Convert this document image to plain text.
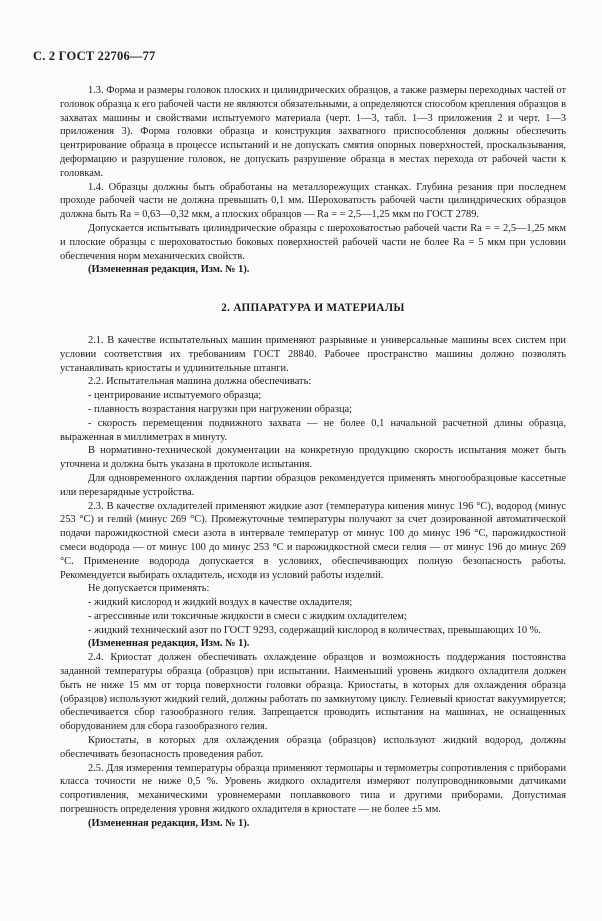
С. 2 ГОСТ 22706—77

1.3. Форма и размеры головок плоских и цилиндрических образцов, а также размеры переходных частей от головок образца к его рабочей части не являются обязательными, а определяются способом крепления образцов в захватах машины и свойствами испытуемого материала (черт. 1—3, табл. 1—3 приложения 2 и черт. 1—3 приложения 3). Форма головки образца и конструкция захватного приспособления должны обеспечить центрирование образца в процессе испытаний и не допускать смятия опорных поверхностей, проскальзывания, деформацию и разрушение головок, не допускать разрушение образца в местах перехода от рабочей части к головкам.

1.4. Образцы должны быть обработаны на металлорежущих станках. Глубина резания при последнем проходе рабочей части не должна превышать 0,1 мм. Шероховатость рабочей части цилиндрических образцов должна быть Ra = 0,63—0,32 мкм, а плоских образцов — Ra = = 2,5—1,25 мкм по ГОСТ 2789.

Допускается испытывать цилиндрические образцы с шероховатостью рабочей части Ra = = 2,5—1,25 мкм и плоские образцы с шероховатостью боковых поверхностей рабочей части не более Ra = 5 мкм при условии обеспечения норм механических свойств.

(Измененная редакция, Изм. № 1).

2. АППАРАТУРА И МАТЕРИАЛЫ

2.1. В качестве испытательных машин применяют разрывные и универсальные машины всех систем при условии соответствия их требованиям ГОСТ 28840. Рабочее пространство машины должно позволять устанавливать криостаты и удлинительные штанги.

2.2. Испытательная машина должна обеспечивать:

- центрирование испытуемого образца;

- плавность возрастания нагрузки при нагружении образца;

- скорость перемещения подвижного захвата — не более 0,1 начальной расчетной длины образца, выраженная в миллиметрах в минуту.

В нормативно-технической документации на конкретную продукцию скорость испытания может быть уточнена и должна быть указана в протоколе испытания.

Для одновременного охлаждения партии образцов рекомендуется применять многообразцовые кассетные или перезарядные устройства.

2.3. В качестве охладителей применяют жидкие азот (температура кипения минус 196 °С), водород (минус 253 °С) и гелий (минус 269 °С). Промежуточные температуры получают за счет дозированной автоматической подачи парожидкостной смеси азота в интервале температур от минус 100 до минус 196 °С, парожидкостной смеси водорода — от минус 100 до минус 253 °С и парожидкостной смеси гелия — от минус 196 до минус 269 °С. Применение водорода допускается в условиях, обеспечивающих полную безопасность работы. Рекомендуется выбирать охладитель, исходя из условий работы изделий.

Не допускается применять:

- жидкий кислород и жидкий воздух в качестве охладителя;

- агрессивные или токсичные жидкости в смеси с жидким охладителем;

- жидкий технический азот по ГОСТ 9293, содержащий кислород в количествах, превышающих 10 %.

(Измененная редакция, Изм. № 1).

2.4. Криостат должен обеспечивать охлаждение образцов и возможность поддержания постоянства заданной температуры образца (образцов) при испытании. Наименьший уровень жидкого охладителя должен быть не ниже 15 мм от торца поверхности головки образца. Криостаты, в которых для охлаждения образца (образцов) используют жидкий гелий, должны работать по замкнутому циклу. Гелиевый криостат вакуумируется; обеспечивается сбор газообразного гелия. Запрещается проводить испытания на машинах, не оснащенных оборудованием для сбора газообразного гелия.

Криостаты, в которых для охлаждения образца (образцов) используют жидкий водород, должны обеспечивать безопасность проведения работ.

2.5. Для измерения температуры образца применяют термопары и термометры сопротивления с приборами класса точности не ниже 0,5 %. Уровень жидкого охладителя измеряют полупроводниковыми датчиками сопротивления, механическими уровнемерами поплавкового типа и другими приборами. Допустимая погрешность определения уровня жидкого охладителя в криостате — не более ±5 мм.

(Измененная редакция, Изм. № 1).
